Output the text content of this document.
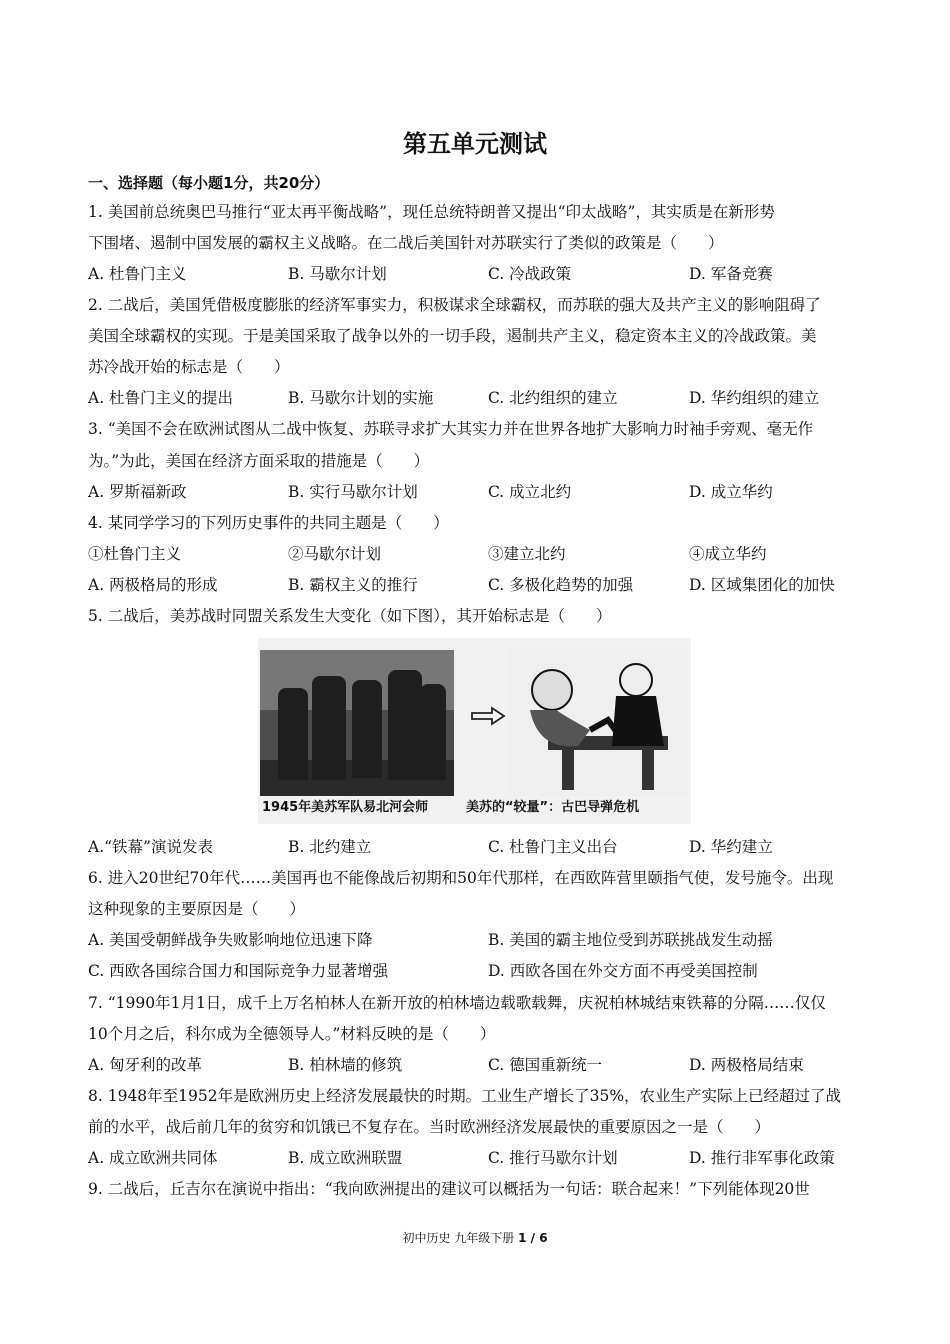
第五单元测试
一、选择题（每小题1分，共20分）
1. 美国前总统奥巴马推行“亚太再平衡战略”，现任总统特朗普又提出“印太战略”，其实质是在新形势
下围堵、遏制中国发展的霸权主义战略。在二战后美国针对苏联实行了类似的政策是（　　）
A. 杜鲁门主义	B. 马歇尔计划	C. 冷战政策	D. 军备竞赛
2. 二战后，美国凭借极度膨胀的经济军事实力，积极谋求全球霸权，而苏联的强大及共产主义的影响阻碍了
美国全球霸权的实现。于是美国采取了战争以外的一切手段，遏制共产主义，稳定资本主义的冷战政策。美
苏冷战开始的标志是（　　）
A. 杜鲁门主义的提出	B. 马歇尔计划的实施	C. 北约组织的建立	D. 华约组织的建立
3. “美国不会在欧洲试图从二战中恢复、苏联寻求扩大其实力并在世界各地扩大影响力时袖手旁观、毫无作
为。”为此，美国在经济方面采取的措施是（　　）
A. 罗斯福新政	B. 实行马歇尔计划	C. 成立北约	D. 成立华约
4. 某同学学习的下列历史事件的共同主题是（　　）
①杜鲁门主义	②马歇尔计划	③建立北约	④成立华约
A. 两极格局的形成	B. 霸权主义的推行	C. 多极化趋势的加强	D. 区域集团化的加快
5. 二战后，美苏战时同盟关系发生大变化（如下图），其开始标志是（　　）
1945年美苏军队易北河会师	美苏的“较量”：古巴导弹危机
A.“铁幕”演说发表	B. 北约建立	C. 杜鲁门主义出台	D. 华约建立
6. 进入20世纪70年代……美国再也不能像战后初期和50年代那样，在西欧阵营里颐指气使，发号施令。出现
这种现象的主要原因是（　　）
A. 美国受朝鲜战争失败影响地位迅速下降	B. 美国的霸主地位受到苏联挑战发生动摇
C. 西欧各国综合国力和国际竞争力显著增强	D. 西欧各国在外交方面不再受美国控制
7. “1990年1月1日，成千上万名柏林人在新开放的柏林墙边载歌载舞，庆祝柏林城结束铁幕的分隔……仅仅
10个月之后，科尔成为全德领导人。”材料反映的是（　　）
A. 匈牙利的改革	B. 柏林墙的修筑	C. 德国重新统一	D. 两极格局结束
8. 1948年至1952年是欧洲历史上经济发展最快的时期。工业生产增长了35%，农业生产实际上已经超过了战
前的水平，战后前几年的贫穷和饥饿已不复存在。当时欧洲经济发展最快的重要原因之一是（　　）
A. 成立欧洲共同体	B. 成立欧洲联盟	C. 推行马歇尔计划	D. 推行非军事化政策
9. 二战后，丘吉尔在演说中指出：“我向欧洲提出的建议可以概括为一句话：联合起来！”下列能体现20世
初中历史 九年级下册 1 / 6
